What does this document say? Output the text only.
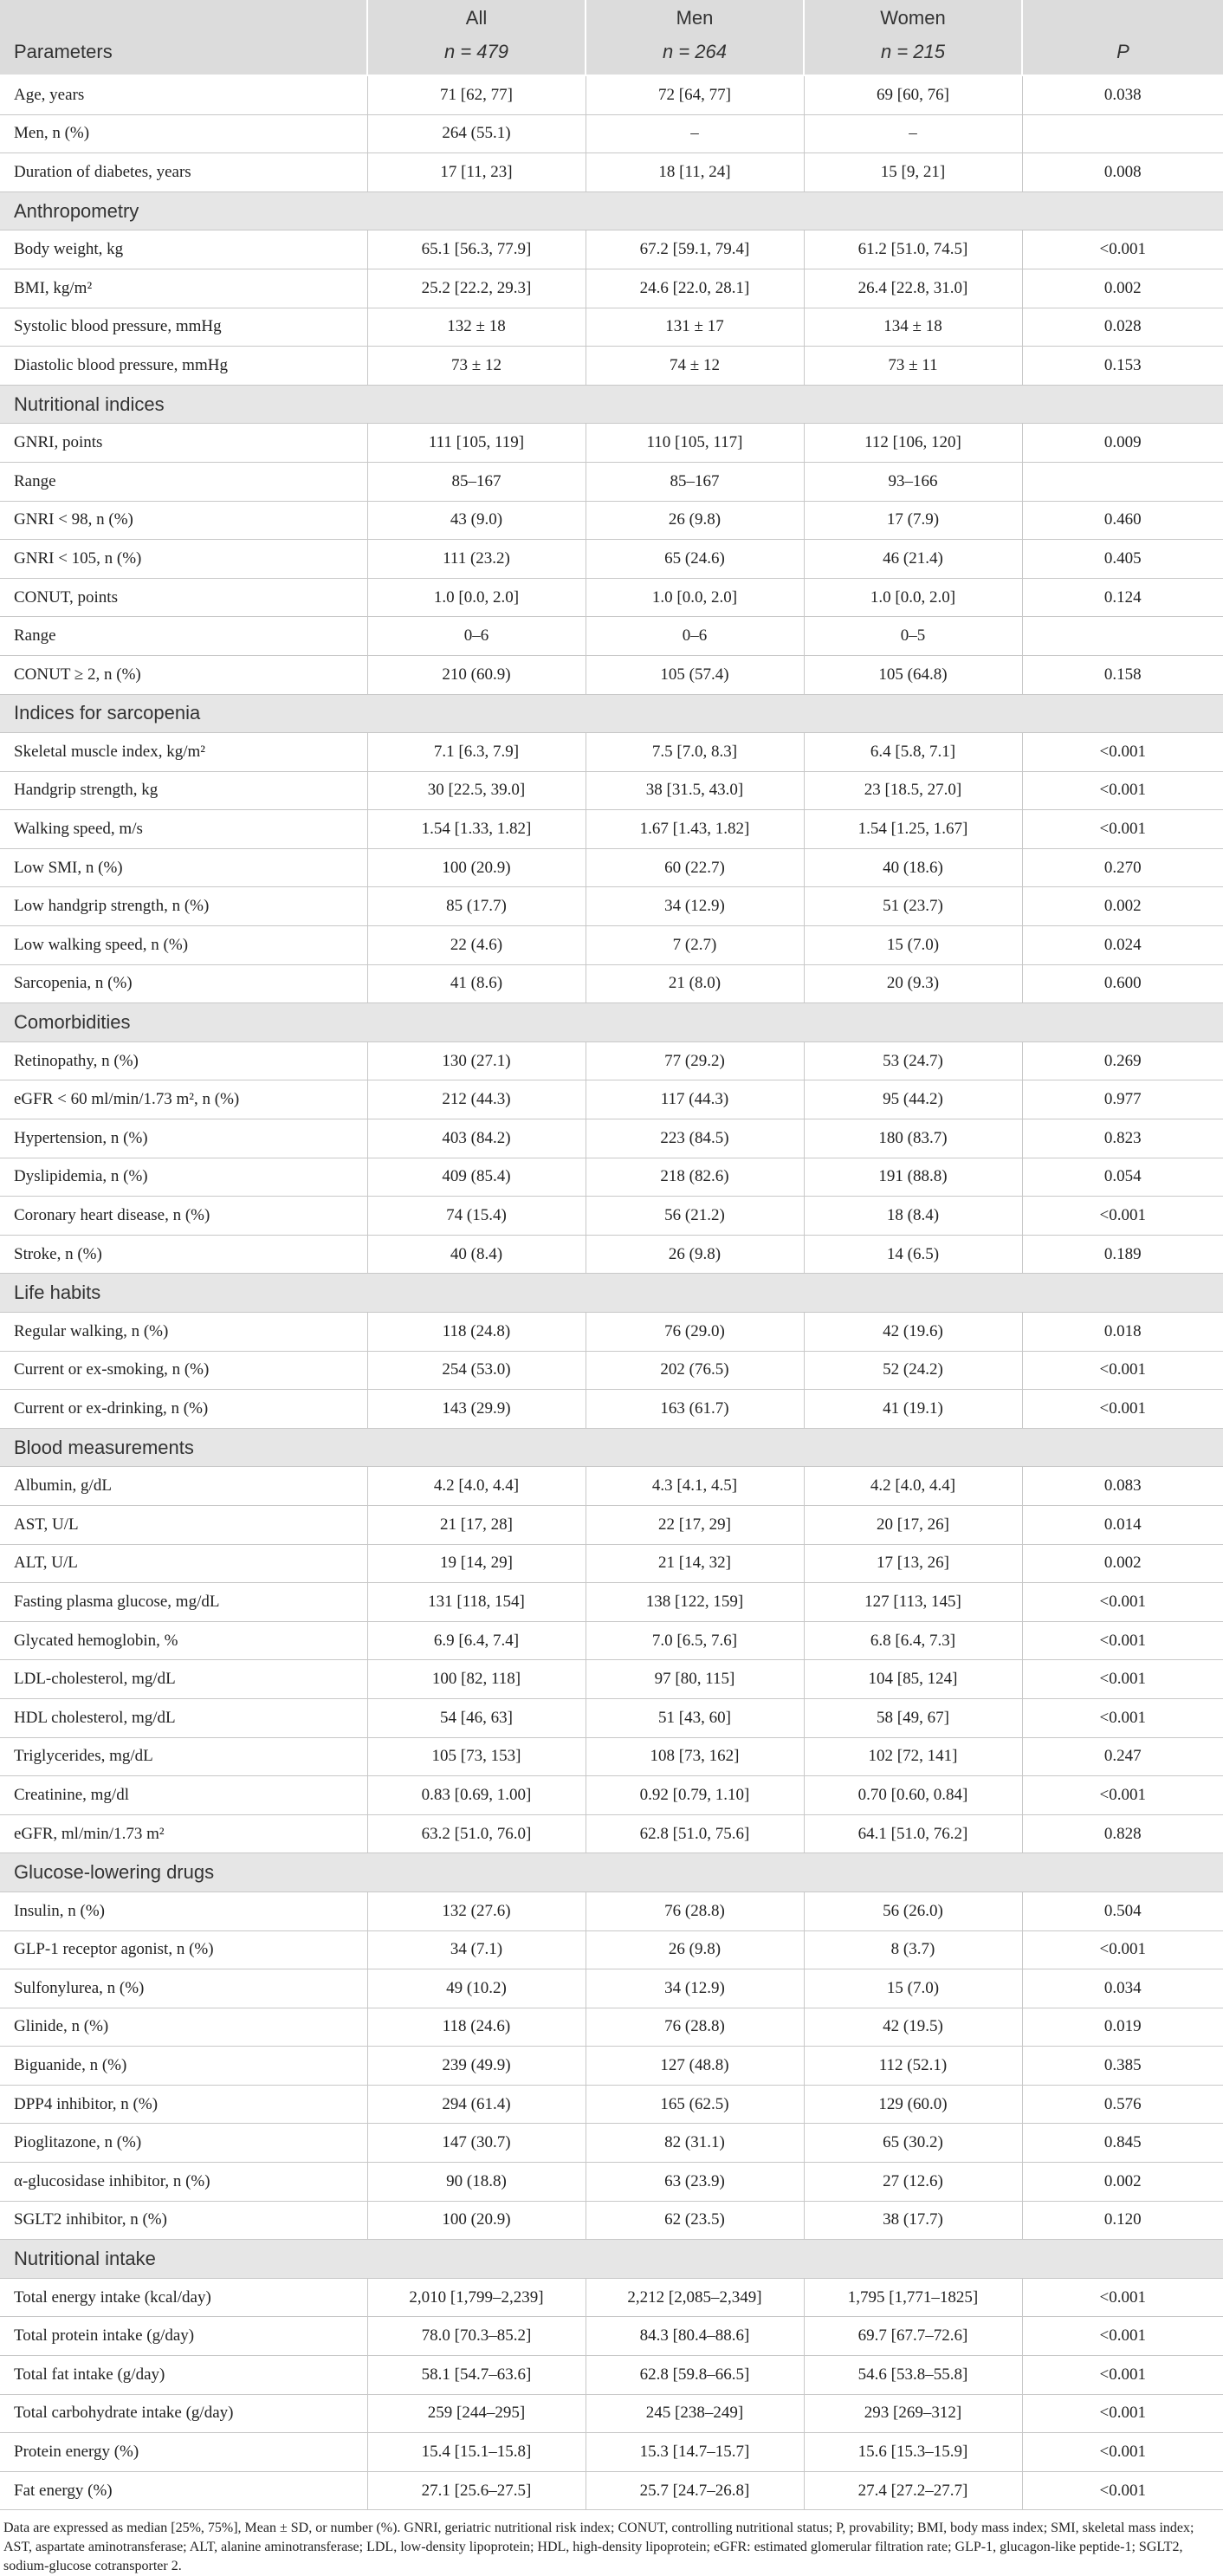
	All	Men	Women	
Parameters	n = 479	n = 264	n = 215	P
Age, years	71 [62, 77]	72 [64, 77]	69 [60, 76]	0.038
Men, n (%)	264 (55.1)	–	–	
Duration of diabetes, years	17 [11, 23]	18 [11, 24]	15 [9, 21]	0.008
Anthropometry				
Body weight, kg	65.1 [56.3, 77.9]	67.2 [59.1, 79.4]	61.2 [51.0, 74.5]	<0.001
BMI, kg/m²	25.2 [22.2, 29.3]	24.6 [22.0, 28.1]	26.4 [22.8, 31.0]	0.002
Systolic blood pressure, mmHg	132 ± 18	131 ± 17	134 ± 18	0.028
Diastolic blood pressure, mmHg	73 ± 12	74 ± 12	73 ± 11	0.153
Nutritional indices				
GNRI, points	111 [105, 119]	110 [105, 117]	112 [106, 120]	0.009
Range	85–167	85–167	93–166	
GNRI < 98, n (%)	43 (9.0)	26 (9.8)	17 (7.9)	0.460
GNRI < 105, n (%)	111 (23.2)	65 (24.6)	46 (21.4)	0.405
CONUT, points	1.0 [0.0, 2.0]	1.0 [0.0, 2.0]	1.0 [0.0, 2.0]	0.124
Range	0–6	0–6	0–5	
CONUT ≥ 2, n (%)	210 (60.9)	105 (57.4)	105 (64.8)	0.158
Indices for sarcopenia				
Skeletal muscle index, kg/m²	7.1 [6.3, 7.9]	7.5 [7.0, 8.3]	6.4 [5.8, 7.1]	<0.001
Handgrip strength, kg	30 [22.5, 39.0]	38 [31.5, 43.0]	23 [18.5, 27.0]	<0.001
Walking speed, m/s	1.54 [1.33, 1.82]	1.67 [1.43, 1.82]	1.54 [1.25, 1.67]	<0.001
Low SMI, n (%)	100 (20.9)	60 (22.7)	40 (18.6)	0.270
Low handgrip strength, n (%)	85 (17.7)	34 (12.9)	51 (23.7)	0.002
Low walking speed, n (%)	22 (4.6)	7 (2.7)	15 (7.0)	0.024
Sarcopenia, n (%)	41 (8.6)	21 (8.0)	20 (9.3)	0.600
Comorbidities				
Retinopathy, n (%)	130 (27.1)	77 (29.2)	53 (24.7)	0.269
eGFR < 60 ml/min/1.73 m², n (%)	212 (44.3)	117 (44.3)	95 (44.2)	0.977
Hypertension, n (%)	403 (84.2)	223 (84.5)	180 (83.7)	0.823
Dyslipidemia, n (%)	409 (85.4)	218 (82.6)	191 (88.8)	0.054
Coronary heart disease, n (%)	74 (15.4)	56 (21.2)	18 (8.4)	<0.001
Stroke, n (%)	40 (8.4)	26 (9.8)	14 (6.5)	0.189
Life habits				
Regular walking, n (%)	118 (24.8)	76 (29.0)	42 (19.6)	0.018
Current or ex-smoking, n (%)	254 (53.0)	202 (76.5)	52 (24.2)	<0.001
Current or ex-drinking, n (%)	143 (29.9)	163 (61.7)	41 (19.1)	<0.001
Blood measurements				
Albumin, g/dL	4.2 [4.0, 4.4]	4.3 [4.1, 4.5]	4.2 [4.0, 4.4]	0.083
AST, U/L	21 [17, 28]	22 [17, 29]	20 [17, 26]	0.014
ALT, U/L	19 [14, 29]	21 [14, 32]	17 [13, 26]	0.002
Fasting plasma glucose, mg/dL	131 [118, 154]	138 [122, 159]	127 [113, 145]	<0.001
Glycated hemoglobin, %	6.9 [6.4, 7.4]	7.0 [6.5, 7.6]	6.8 [6.4, 7.3]	<0.001
LDL-cholesterol, mg/dL	100 [82, 118]	97 [80, 115]	104 [85, 124]	<0.001
HDL cholesterol, mg/dL	54 [46, 63]	51 [43, 60]	58 [49, 67]	<0.001
Triglycerides, mg/dL	105 [73, 153]	108 [73, 162]	102 [72, 141]	0.247
Creatinine, mg/dl	0.83 [0.69, 1.00]	0.92 [0.79, 1.10]	0.70 [0.60, 0.84]	<0.001
eGFR, ml/min/1.73 m²	63.2 [51.0, 76.0]	62.8 [51.0, 75.6]	64.1 [51.0, 76.2]	0.828
Glucose-lowering drugs				
Insulin, n (%)	132 (27.6)	76 (28.8)	56 (26.0)	0.504
GLP-1 receptor agonist, n (%)	34 (7.1)	26 (9.8)	8 (3.7)	<0.001
Sulfonylurea, n (%)	49 (10.2)	34 (12.9)	15 (7.0)	0.034
Glinide, n (%)	118 (24.6)	76 (28.8)	42 (19.5)	0.019
Biguanide, n (%)	239 (49.9)	127 (48.8)	112 (52.1)	0.385
DPP4 inhibitor, n (%)	294 (61.4)	165 (62.5)	129 (60.0)	0.576
Pioglitazone, n (%)	147 (30.7)	82 (31.1)	65 (30.2)	0.845
α-glucosidase inhibitor, n (%)	90 (18.8)	63 (23.9)	27 (12.6)	0.002
SGLT2 inhibitor, n (%)	100 (20.9)	62 (23.5)	38 (17.7)	0.120
Nutritional intake				
Total energy intake (kcal/day)	2,010 [1,799–2,239]	2,212 [2,085–2,349]	1,795 [1,771–1825]	<0.001
Total protein intake (g/day)	78.0 [70.3–85.2]	84.3 [80.4–88.6]	69.7 [67.7–72.6]	<0.001
Total fat intake (g/day)	58.1 [54.7–63.6]	62.8 [59.8–66.5]	54.6 [53.8–55.8]	<0.001
Total carbohydrate intake (g/day)	259 [244–295]	245 [238–249]	293 [269–312]	<0.001
Protein energy (%)	15.4 [15.1–15.8]	15.3 [14.7–15.7]	15.6 [15.3–15.9]	<0.001
Fat energy (%)	27.1 [25.6–27.5]	25.7 [24.7–26.8]	27.4 [27.2–27.7]	<0.001
Data are expressed as median [25%, 75%], Mean ± SD, or number (%). GNRI, geriatric nutritional risk index; CONUT, controlling nutritional status; P, provability; BMI, body mass index; SMI, skeletal mass index; AST, aspartate aminotransferase; ALT, alanine aminotransferase; LDL, low-density lipoprotein; HDL, high-density lipoprotein; eGFR: estimated glomerular filtration rate; GLP-1, glucagon-like peptide-1; SGLT2, sodium-glucose cotransporter 2.
